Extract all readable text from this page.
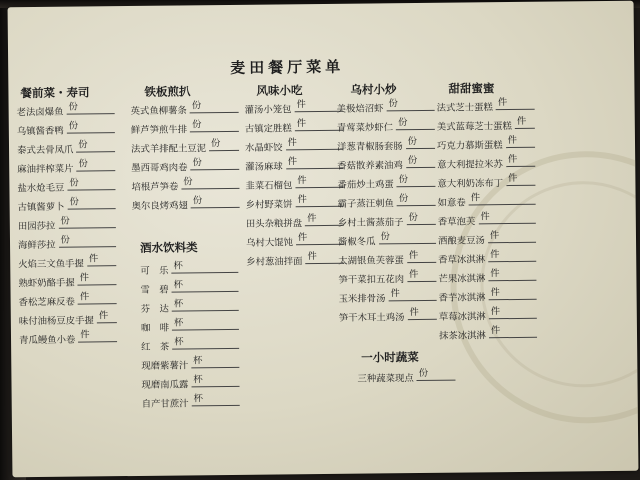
麦田餐厅菜单
餐前菜・寿司	铁板煎扒	风味小吃	乌村小炒	甜甜蜜蜜
酒水饮料类
一小时蔬菜
老法卤爆鱼 份
乌镇酱香鸭 份
泰式去骨凤爪 份
麻油拌榨菜片 份
盐水炝毛豆 份
古镇酱萝卜 份
田园莎拉 份
海鲜莎拉 份
火焰三文鱼手握 件
熟虾奶酪手握 件
香松芝麻反卷 件
味付油杨豆皮手握 件
青瓜鳗鱼小卷 件
英式鱼柳薯条 份
鲜芦笋煎牛排 份
法式羊排配土豆泥 份
墨西哥鸡肉卷 份
培根芦笋卷 份
奥尔良烤鸡翅 份
可　乐 杯
雪　碧 杯
芬　达 杯
咖　啡 杯
红　茶 杯
现磨紫薯汁 杯
现磨南瓜露 杯
自产甘蔗汁 杯
灌汤小笼包 件
古镇定胜糕 件
水晶虾饺 件
灌汤麻球 件
韭菜石榴包 件
乡村野菜饼 件
田头杂粮拼盘 件
乌村大馄饨 件
乡村葱油拌面 件
美极焙沼虾 份
青莺菜炒虾仁 份
洋葱青椒肠套肠 份
香菇散养素油鸡 份
番茄炒土鸡蛋 份
霸子蒸汪刺鱼 份
乡村土酱蒸茄子 份
酱椒冬瓜 份
太湖银鱼芙蓉蛋 件
笋干菜扣五花肉 件
玉米排骨汤 件
笋干木耳土鸡汤 件
法式芝士蛋糕 件
美式蓝莓芝士蛋糕 件
巧克力慕斯蛋糕 件
意大利提拉米苏 件
意大利奶冻布丁 件
如意卷 件
香草泡芙 件
酒酿麦豆汤 件
香草冰淇淋 件
芒果冰淇淋 件
香芋冰淇淋 件
草莓冰淇淋 件
抹茶冰淇淋 件
三种蔬菜现点 份
